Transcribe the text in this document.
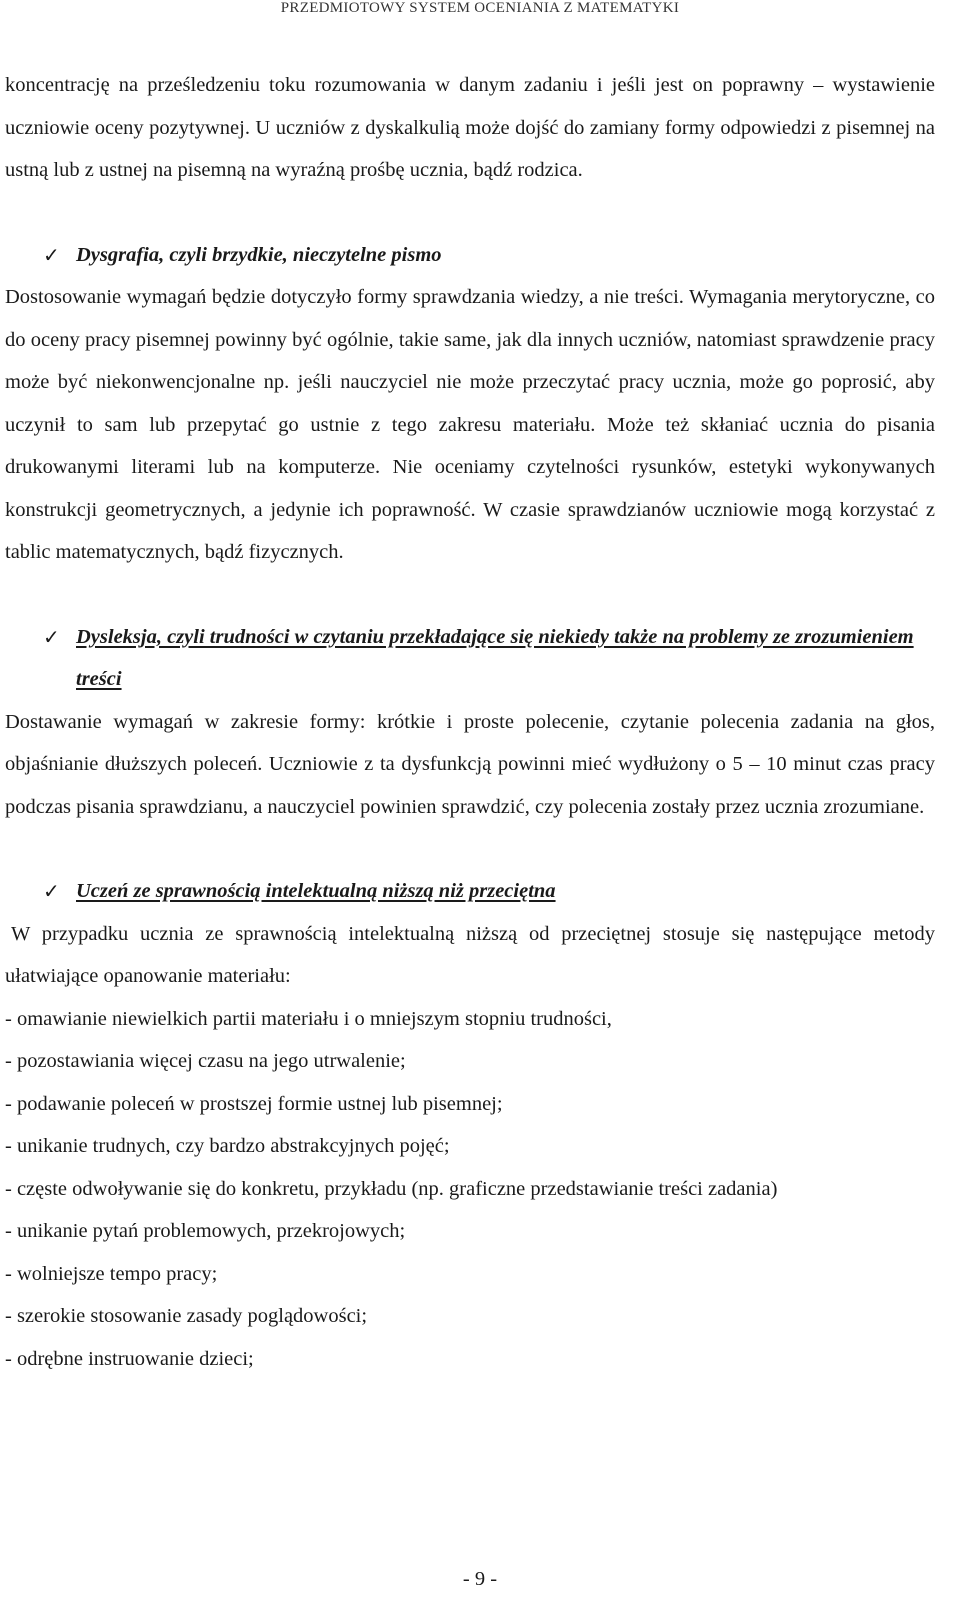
PRZEDMIOTOWY SYSTEM OCENIANIA Z MATEMATYKI

koncentrację na prześledzeniu toku rozumowania w danym zadaniu i jeśli jest on poprawny – wystawienie uczniowie oceny pozytywnej. U uczniów z dyskalkulią może dojść do zamiany formy odpowiedzi z pisemnej na ustną lub z ustnej na pisemną na wyraźną prośbę ucznia, bądź rodzica.

✓ Dysgrafia, czyli brzydkie, nieczytelne pismo

Dostosowanie wymagań będzie dotyczyło formy sprawdzania wiedzy, a nie treści. Wymagania merytoryczne, co do oceny pracy pisemnej powinny być ogólnie, takie same, jak dla innych uczniów, natomiast sprawdzenie pracy może być niekonwencjonalne np. jeśli nauczyciel nie może przeczytać pracy ucznia, może go poprosić, aby uczynił to sam lub przepytać go ustnie z tego zakresu materiału. Może też skłaniać ucznia do pisania drukowanymi literami lub na komputerze. Nie oceniamy czytelności rysunków, estetyki wykonywanych konstrukcji geometrycznych, a jedynie ich poprawność. W czasie sprawdzianów uczniowie mogą korzystać z tablic matematycznych, bądź fizycznych.

✓ Dysleksja, czyli trudności w czytaniu przekładające się niekiedy także na problemy ze zrozumieniem treści

Dostawanie wymagań w zakresie formy: krótkie i proste polecenie, czytanie polecenia zadania na głos, objaśnianie dłuższych poleceń. Uczniowie z ta dysfunkcją powinni mieć wydłużony o 5 – 10 minut czas pracy podczas pisania sprawdzianu, a nauczyciel powinien sprawdzić, czy polecenia zostały przez ucznia zrozumiane.

✓ Uczeń ze sprawnością intelektualną niższą niż przeciętna

W przypadku ucznia ze sprawnością intelektualną niższą od przeciętnej stosuje się następujące metody ułatwiające opanowanie materiału:

- omawianie niewielkich partii materiału i o mniejszym stopniu trudności,

- pozostawiania więcej czasu na jego utrwalenie;

- podawanie poleceń w prostszej formie ustnej lub pisemnej;

- unikanie trudnych, czy bardzo abstrakcyjnych pojęć;

- częste odwoływanie się do konkretu, przykładu (np. graficzne przedstawianie treści zadania)

- unikanie pytań problemowych, przekrojowych;

- wolniejsze tempo pracy;

- szerokie stosowanie zasady poglądowości;

- odrębne instruowanie dzieci;

- 9 -
